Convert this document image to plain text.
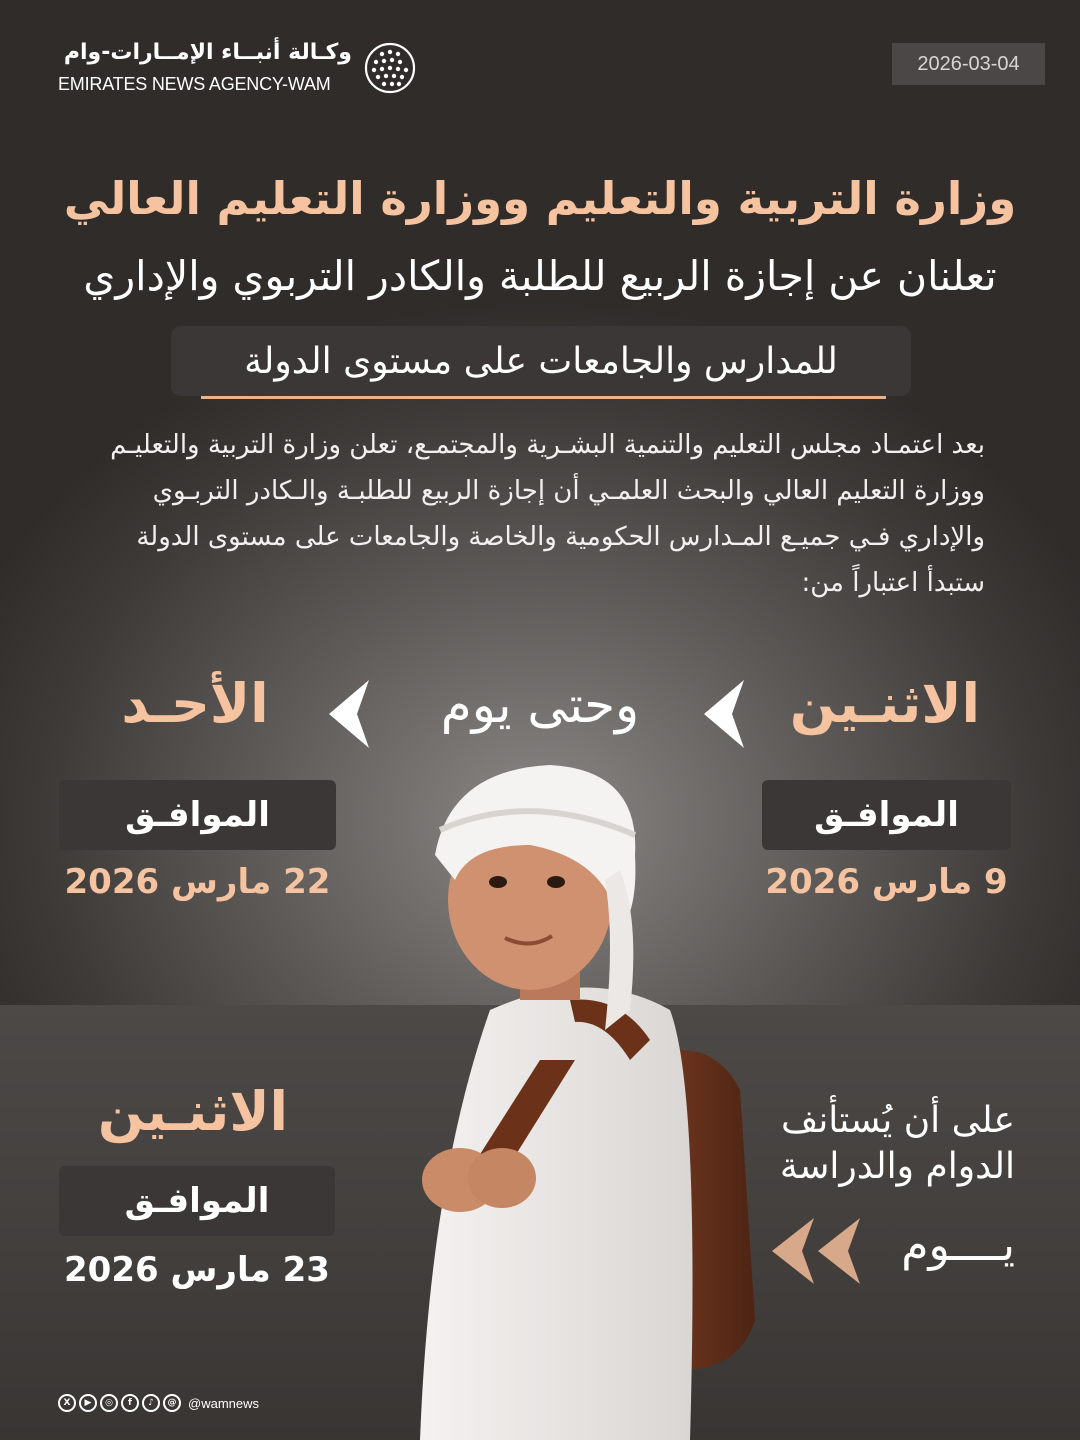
وكـالة أنبــاء الإمــارات-وام
EMIRATES NEWS AGENCY-WAM
2026-03-04
وزارة التربية والتعليم ووزارة التعليم العالي
تعلنان عن إجازة الربيع للطلبة والكادر التربوي والإداري
للمدارس والجامعات على مستوى الدولة
بعد اعتمـاد مجلس التعليم والتنمية البشـرية والمجتمـع، تعلن وزارة التربية والتعليـم ووزارة التعليم العالي والبحث العلمـي أن إجازة الربيع للطلبـة والـكادر التربـوي والإداري فـي جميـع المـدارس الحكومية والخاصة والجامعات على مستوى الدولة ستبدأ اعتباراً من:
الاثنـين
وحتى يوم
الأحـد
الموافـق
9 مارس 2026
الموافـق
22 مارس 2026
على أن يُستأنف
الدوام والدراسة
يــــوم
الاثنـين
الموافـق
23 مارس 2026
X	▶	◎	f	♪	@ @wamnews
